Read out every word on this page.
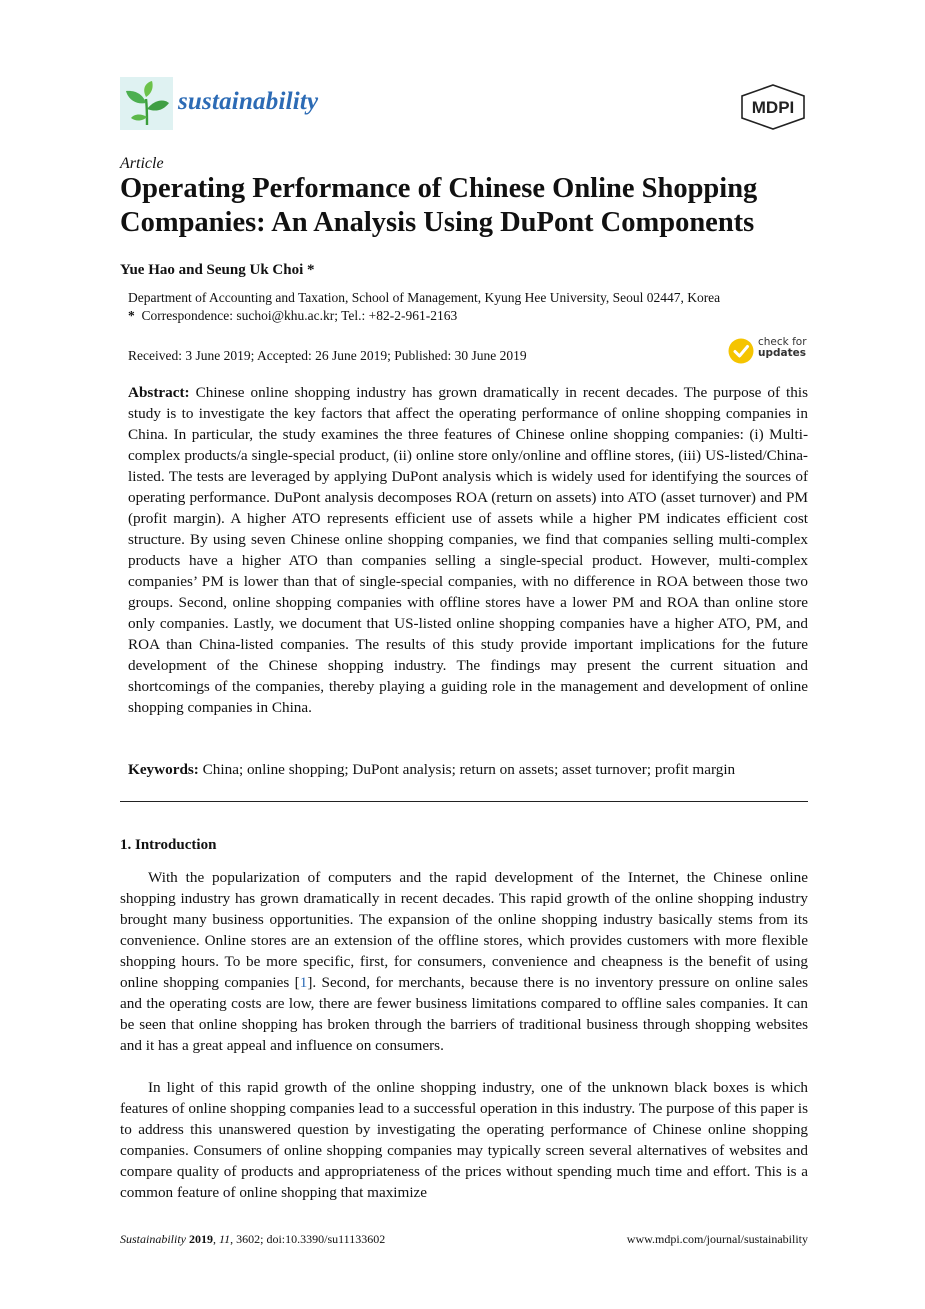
sustainability	MDPI
Article
Operating Performance of Chinese Online Shopping Companies: An Analysis Using DuPont Components
Yue Hao and Seung Uk Choi *
Department of Accounting and Taxation, School of Management, Kyung Hee University, Seoul 02447, Korea
* Correspondence: suchoi@khu.ac.kr; Tel.: +82-2-961-2163
Received: 3 June 2019; Accepted: 26 June 2019; Published: 30 June 2019
check for
updates

Abstract: Chinese online shopping industry has grown dramatically in recent decades. The purpose of this study is to investigate the key factors that affect the operating performance of online shopping companies in China. In particular, the study examines the three features of Chinese online shopping companies: (i) Multi-complex products/a single-special product, (ii) online store only/online and offline stores, (iii) US-listed/China-listed. The tests are leveraged by applying DuPont analysis which is widely used for identifying the sources of operating performance. DuPont analysis decomposes ROA (return on assets) into ATO (asset turnover) and PM (profit margin). A higher ATO represents efficient use of assets while a higher PM indicates efficient cost structure. By using seven Chinese online shopping companies, we find that companies selling multi-complex products have a higher ATO than companies selling a single-special product. However, multi-complex companies’ PM is lower than that of single-special companies, with no difference in ROA between those two groups. Second, online shopping companies with offline stores have a lower PM and ROA than online store only companies. Lastly, we document that US-listed online shopping companies have a higher ATO, PM, and ROA than China-listed companies. The results of this study provide important implications for the future development of the Chinese shopping industry. The findings may present the current situation and shortcomings of the companies, thereby playing a guiding role in the management and development of online shopping companies in China.

Keywords: China; online shopping; DuPont analysis; return on assets; asset turnover; profit margin

1. Introduction

With the popularization of computers and the rapid development of the Internet, the Chinese online shopping industry has grown dramatically in recent decades. This rapid growth of the online shopping industry brought many business opportunities. The expansion of the online shopping industry basically stems from its convenience. Online stores are an extension of the offline stores, which provides customers with more flexible shopping hours. To be more specific, first, for consumers, convenience and cheapness is the benefit of using online shopping companies [1]. Second, for merchants, because there is no inventory pressure on online sales and the operating costs are low, there are fewer business limitations compared to offline sales companies. It can be seen that online shopping has broken through the barriers of traditional business through shopping websites and it has a great appeal and influence on consumers.

In light of this rapid growth of the online shopping industry, one of the unknown black boxes is which features of online shopping companies lead to a successful operation in this industry. The purpose of this paper is to address this unanswered question by investigating the operating performance of Chinese online shopping companies. Consumers of online shopping companies may typically screen several alternatives of websites and compare quality of products and appropriateness of the prices without spending much time and effort. This is a common feature of online shopping that maximize

Sustainability 2019, 11, 3602; doi:10.3390/su11133602	www.mdpi.com/journal/sustainability
